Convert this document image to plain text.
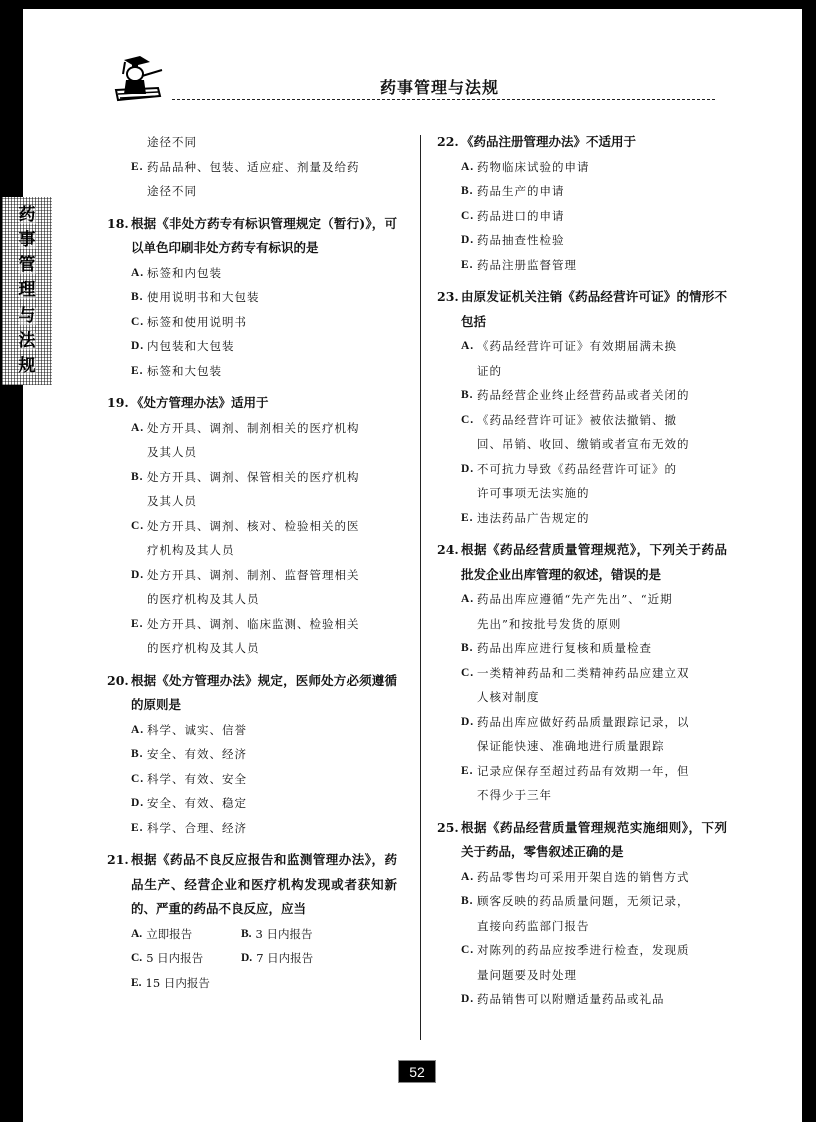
药事管理与法规
药
事
管
理
与
法
规
途径不同
E. 药品品种、包装、适应症、剂量及给药
途径不同
18. 根据《非处方药专有标识管理规定（暂行)》，可以单色印刷非处方药专有标识的是
A. 标签和内包装
B. 使用说明书和大包装
C. 标签和使用说明书
D. 内包装和大包装
E. 标签和大包装
19. 《处方管理办法》适用于
A. 处方开具、调剂、制剂相关的医疗机构
及其人员
B. 处方开具、调剂、保管相关的医疗机构
及其人员
C. 处方开具、调剂、核对、检验相关的医
疗机构及其人员
D. 处方开具、调剂、制剂、监督管理相关
的医疗机构及其人员
E. 处方开具、调剂、临床监测、检验相关
的医疗机构及其人员
20. 根据《处方管理办法》规定，医师处方必须遵循的原则是
A. 科学、诚实、信誉
B. 安全、有效、经济
C. 科学、有效、安全
D. 安全、有效、稳定
E. 科学、合理、经济
21. 根据《药品不良反应报告和监测管理办法》，药品生产、经营企业和医疗机构发现或者获知新的、严重的药品不良反应，应当
A. 立即报告	B. 3 日内报告
C. 5 日内报告	D. 7 日内报告
E. 15 日内报告
22. 《药品注册管理办法》不适用于
A. 药物临床试验的申请
B. 药品生产的申请
C. 药品进口的申请
D. 药品抽查性检验
E. 药品注册监督管理
23. 由原发证机关注销《药品经营许可证》的情形不包括
A. 《药品经营许可证》有效期届满未换
证的
B. 药品经营企业终止经营药品或者关闭的
C. 《药品经营许可证》被依法撤销、撤
回、吊销、收回、缴销或者宣布无效的
D. 不可抗力导致《药品经营许可证》的
许可事项无法实施的
E. 违法药品广告规定的
24. 根据《药品经营质量管理规范》，下列关于药品批发企业出库管理的叙述，错误的是
A. 药品出库应遵循“先产先出”、“近期
先出”和按批号发货的原则
B. 药品出库应进行复核和质量检查
C. 一类精神药品和二类精神药品应建立双
人核对制度
D. 药品出库应做好药品质量跟踪记录，以
保证能快速、准确地进行质量跟踪
E. 记录应保存至超过药品有效期一年，但
不得少于三年
25. 根据《药品经营质量管理规范实施细则》，下列关于药品，零售叙述正确的是
A. 药品零售均可采用开架自选的销售方式
B. 顾客反映的药品质量问题，无须记录，
直接向药监部门报告
C. 对陈列的药品应按季进行检查，发现质
量问题要及时处理
D. 药品销售可以附赠适量药品或礼品
52
